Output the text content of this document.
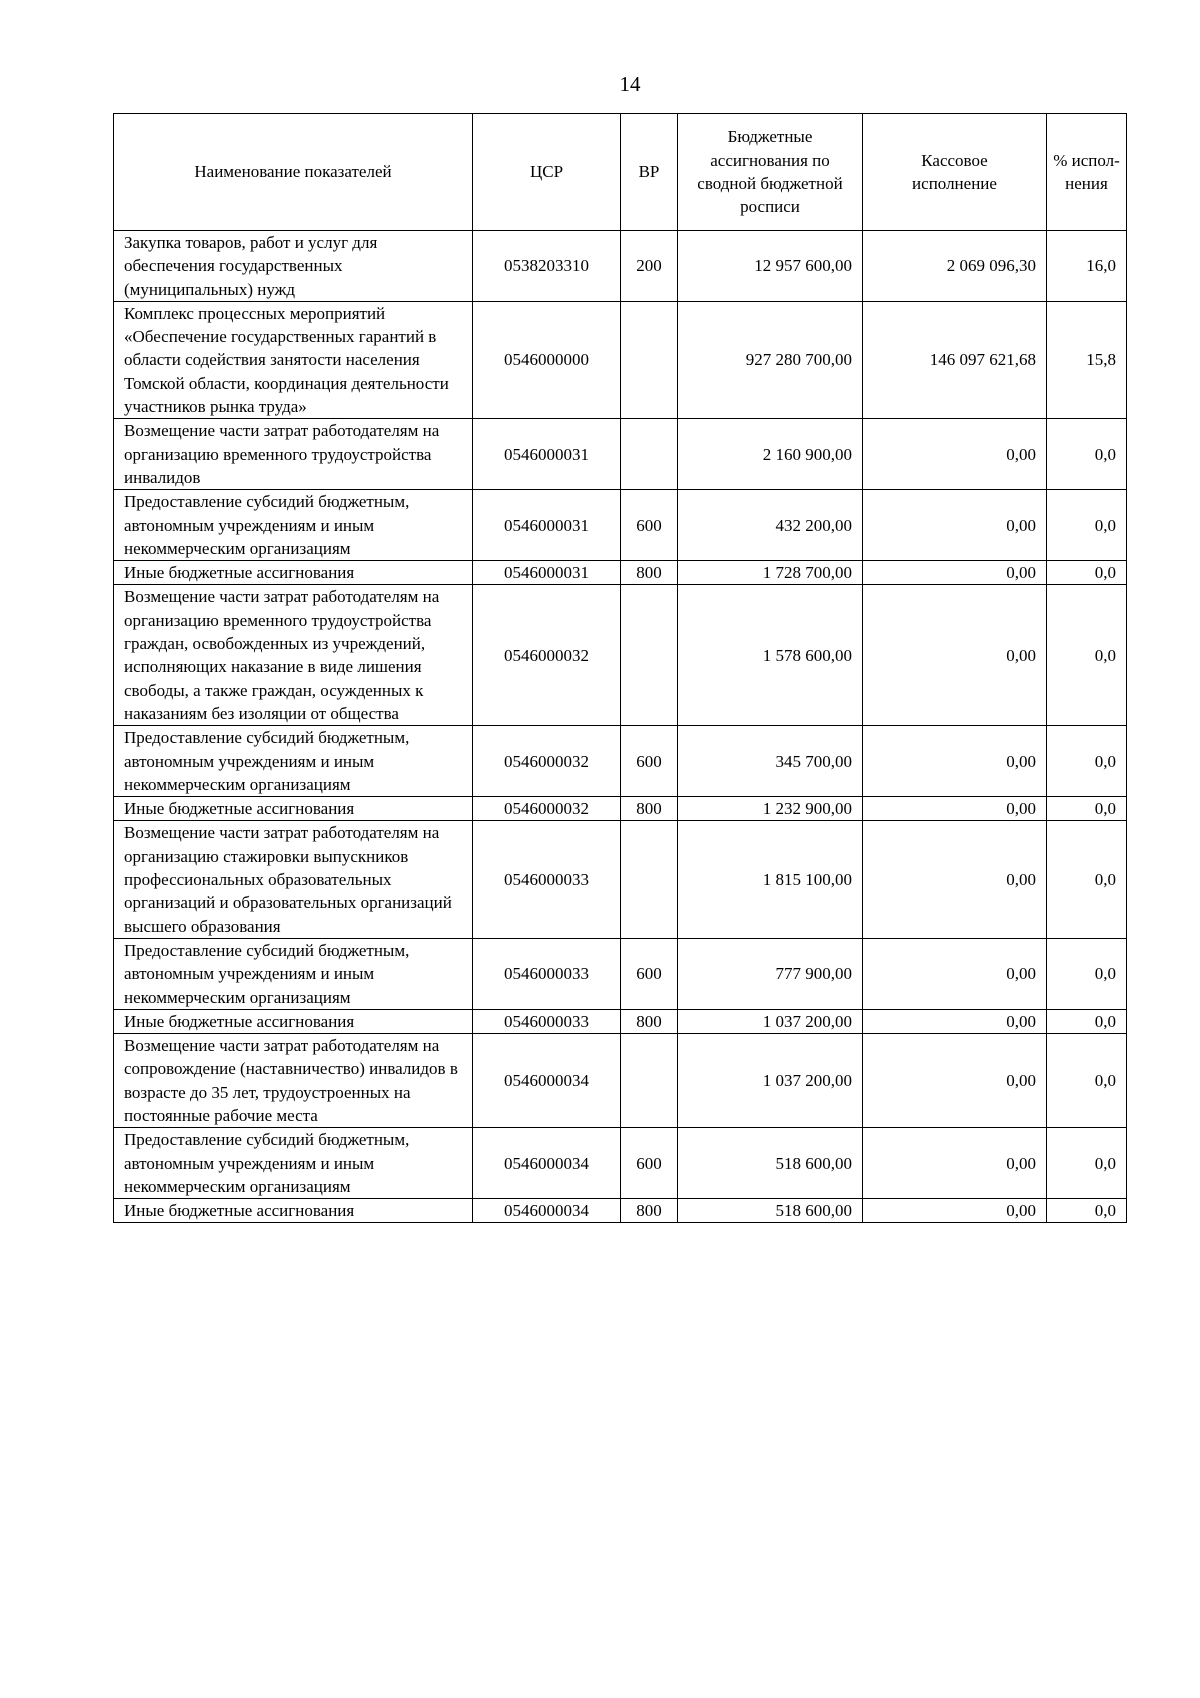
14
Наименование показателей	ЦСР	ВР	Бюджетные ассигнования по сводной бюджетной росписи	Кассовое исполнение	% испол-нения
Закупка товаров, работ и услуг для обеспечения государственных (муниципальных) нужд	0538203310	200	12 957 600,00	2 069 096,30	16,0
Комплекс процессных мероприятий «Обеспечение государственных гарантий в области содействия занятости населения Томской области, координация деятельности участников рынка труда»	0546000000		927 280 700,00	146 097 621,68	15,8
Возмещение части затрат работодателям на организацию временного трудоустройства инвалидов	0546000031		2 160 900,00	0,00	0,0
Предоставление субсидий бюджетным, автономным учреждениям и иным некоммерческим организациям	0546000031	600	432 200,00	0,00	0,0
Иные бюджетные ассигнования	0546000031	800	1 728 700,00	0,00	0,0
Возмещение части затрат работодателям на организацию временного трудоустройства граждан, освобожденных из учреждений, исполняющих наказание в виде лишения свободы, а также граждан, осужденных к наказаниям без изоляции от общества	0546000032		1 578 600,00	0,00	0,0
Предоставление субсидий бюджетным, автономным учреждениям и иным некоммерческим организациям	0546000032	600	345 700,00	0,00	0,0
Иные бюджетные ассигнования	0546000032	800	1 232 900,00	0,00	0,0
Возмещение части затрат работодателям на организацию стажировки выпускников профессиональных образовательных организаций и образовательных организаций высшего образования	0546000033		1 815 100,00	0,00	0,0
Предоставление субсидий бюджетным, автономным учреждениям и иным некоммерческим организациям	0546000033	600	777 900,00	0,00	0,0
Иные бюджетные ассигнования	0546000033	800	1 037 200,00	0,00	0,0
Возмещение части затрат работодателям на сопровождение (наставничество) инвалидов в возрасте до 35 лет, трудоустроенных на постоянные рабочие места	0546000034		1 037 200,00	0,00	0,0
Предоставление субсидий бюджетным, автономным учреждениям и иным некоммерческим организациям	0546000034	600	518 600,00	0,00	0,0
Иные бюджетные ассигнования	0546000034	800	518 600,00	0,00	0,0
